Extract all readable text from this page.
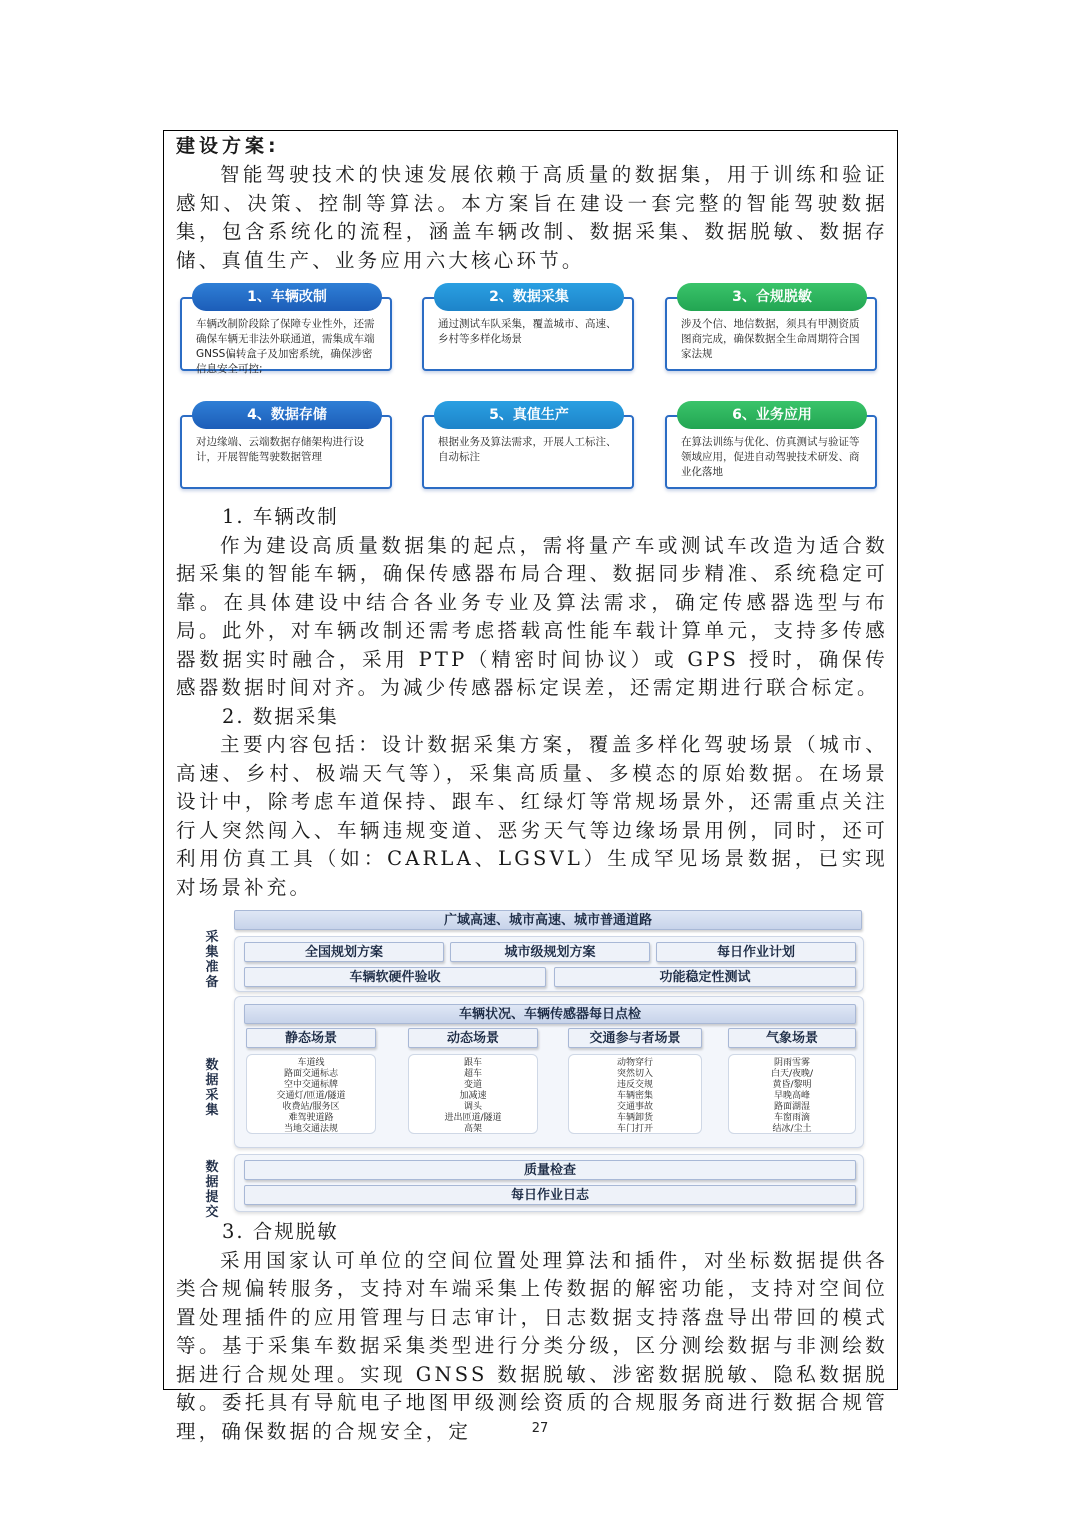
建设方案:

智能驾驶技术的快速发展依赖于高质量的数据集，用于训练和验证感知、决策、控制等算法。本方案旨在建设一套完整的智能驾驶数据集，包含系统化的流程，涵盖车辆改制、数据采集、数据脱敏、数据存储、真值生产、业务应用六大核心环节。

1、车辆改制
车辆改制阶段除了保障专业性外，还需确保车辆无非法外联通道，需集成车端GNSS偏转盒子及加密系统，确保涉密信息安全可控;
2、数据采集
通过测试车队采集，覆盖城市、高速、乡村等多样化场景
3、合规脱敏
涉及个信、地信数据，须具有甲测资质图商完成，确保数据全生命周期符合国家法规
4、数据存储
对边缘端、云端数据存储架构进行设计，开展智能驾驶数据管理
5、真值生产
根据业务及算法需求，开展人工标注、自动标注
6、业务应用
在算法训练与优化、仿真测试与验证等领域应用，促进自动驾驶技术研发、商业化落地

1. 车辆改制

作为建设高质量数据集的起点，需将量产车或测试车改造为适合数据采集的智能车辆，确保传感器布局合理、数据同步精准、系统稳定可靠。在具体建设中结合各业务专业及算法需求，确定传感器选型与布局。此外，对车辆改制还需考虑搭载高性能车载计算单元，支持多传感器数据实时融合，采用 PTP（精密时间协议）或 GPS 授时，确保传感器数据时间对齐。为减少传感器标定误差，还需定期进行联合标定。

2. 数据采集

主要内容包括：设计数据采集方案，覆盖多样化驾驶场景（城市、高速、乡村、极端天气等），采集高质量、多模态的原始数据。在场景设计中，除考虑车道保持、跟车、红绿灯等常规场景外，还需重点关注行人突然闯入、车辆违规变道、恶劣天气等边缘场景用例，同时，还可利用仿真工具（如：CARLA、LGSVL）生成罕见场景数据，已实现对场景补充。

采集准备
数据采集
数据提交
广域高速、城市高速、城市普通道路
全国规划方案	城市级规划方案	每日作业计划
车辆软硬件验收	功能稳定性测试
车辆状况、车辆传感器每日点检
静态场景	动态场景	交通参与者场景	气象场景
车道线
路面交通标志
空中交通标牌
交通灯/匝道/隧道
收费站/服务区
难驾驶道路
当地交通法规
跟车
超车
变道
加减速
调头
进出匝道/隧道
高架
动物穿行
突然切入
违反交规
车辆密集
交通事故
车辆卸货
车门打开
阴雨雪雾
白天/夜晚/
黄昏/黎明
早晚高峰
路面湖湿
车窗雨滴
结冰/尘土
质量检查
每日作业日志

3. 合规脱敏

采用国家认可单位的空间位置处理算法和插件，对坐标数据提供各类合规偏转服务，支持对车端采集上传数据的解密功能，支持对空间位置处理插件的应用管理与日志审计，日志数据支持落盘导出带回的模式等。基于采集车数据采集类型进行分类分级，区分测绘数据与非测绘数据进行合规处理。实现 GNSS 数据脱敏、涉密数据脱敏、隐私数据脱敏。委托具有导航电子地图甲级测绘资质的合规服务商进行数据合规管理，确保数据的合规安全，定	27
